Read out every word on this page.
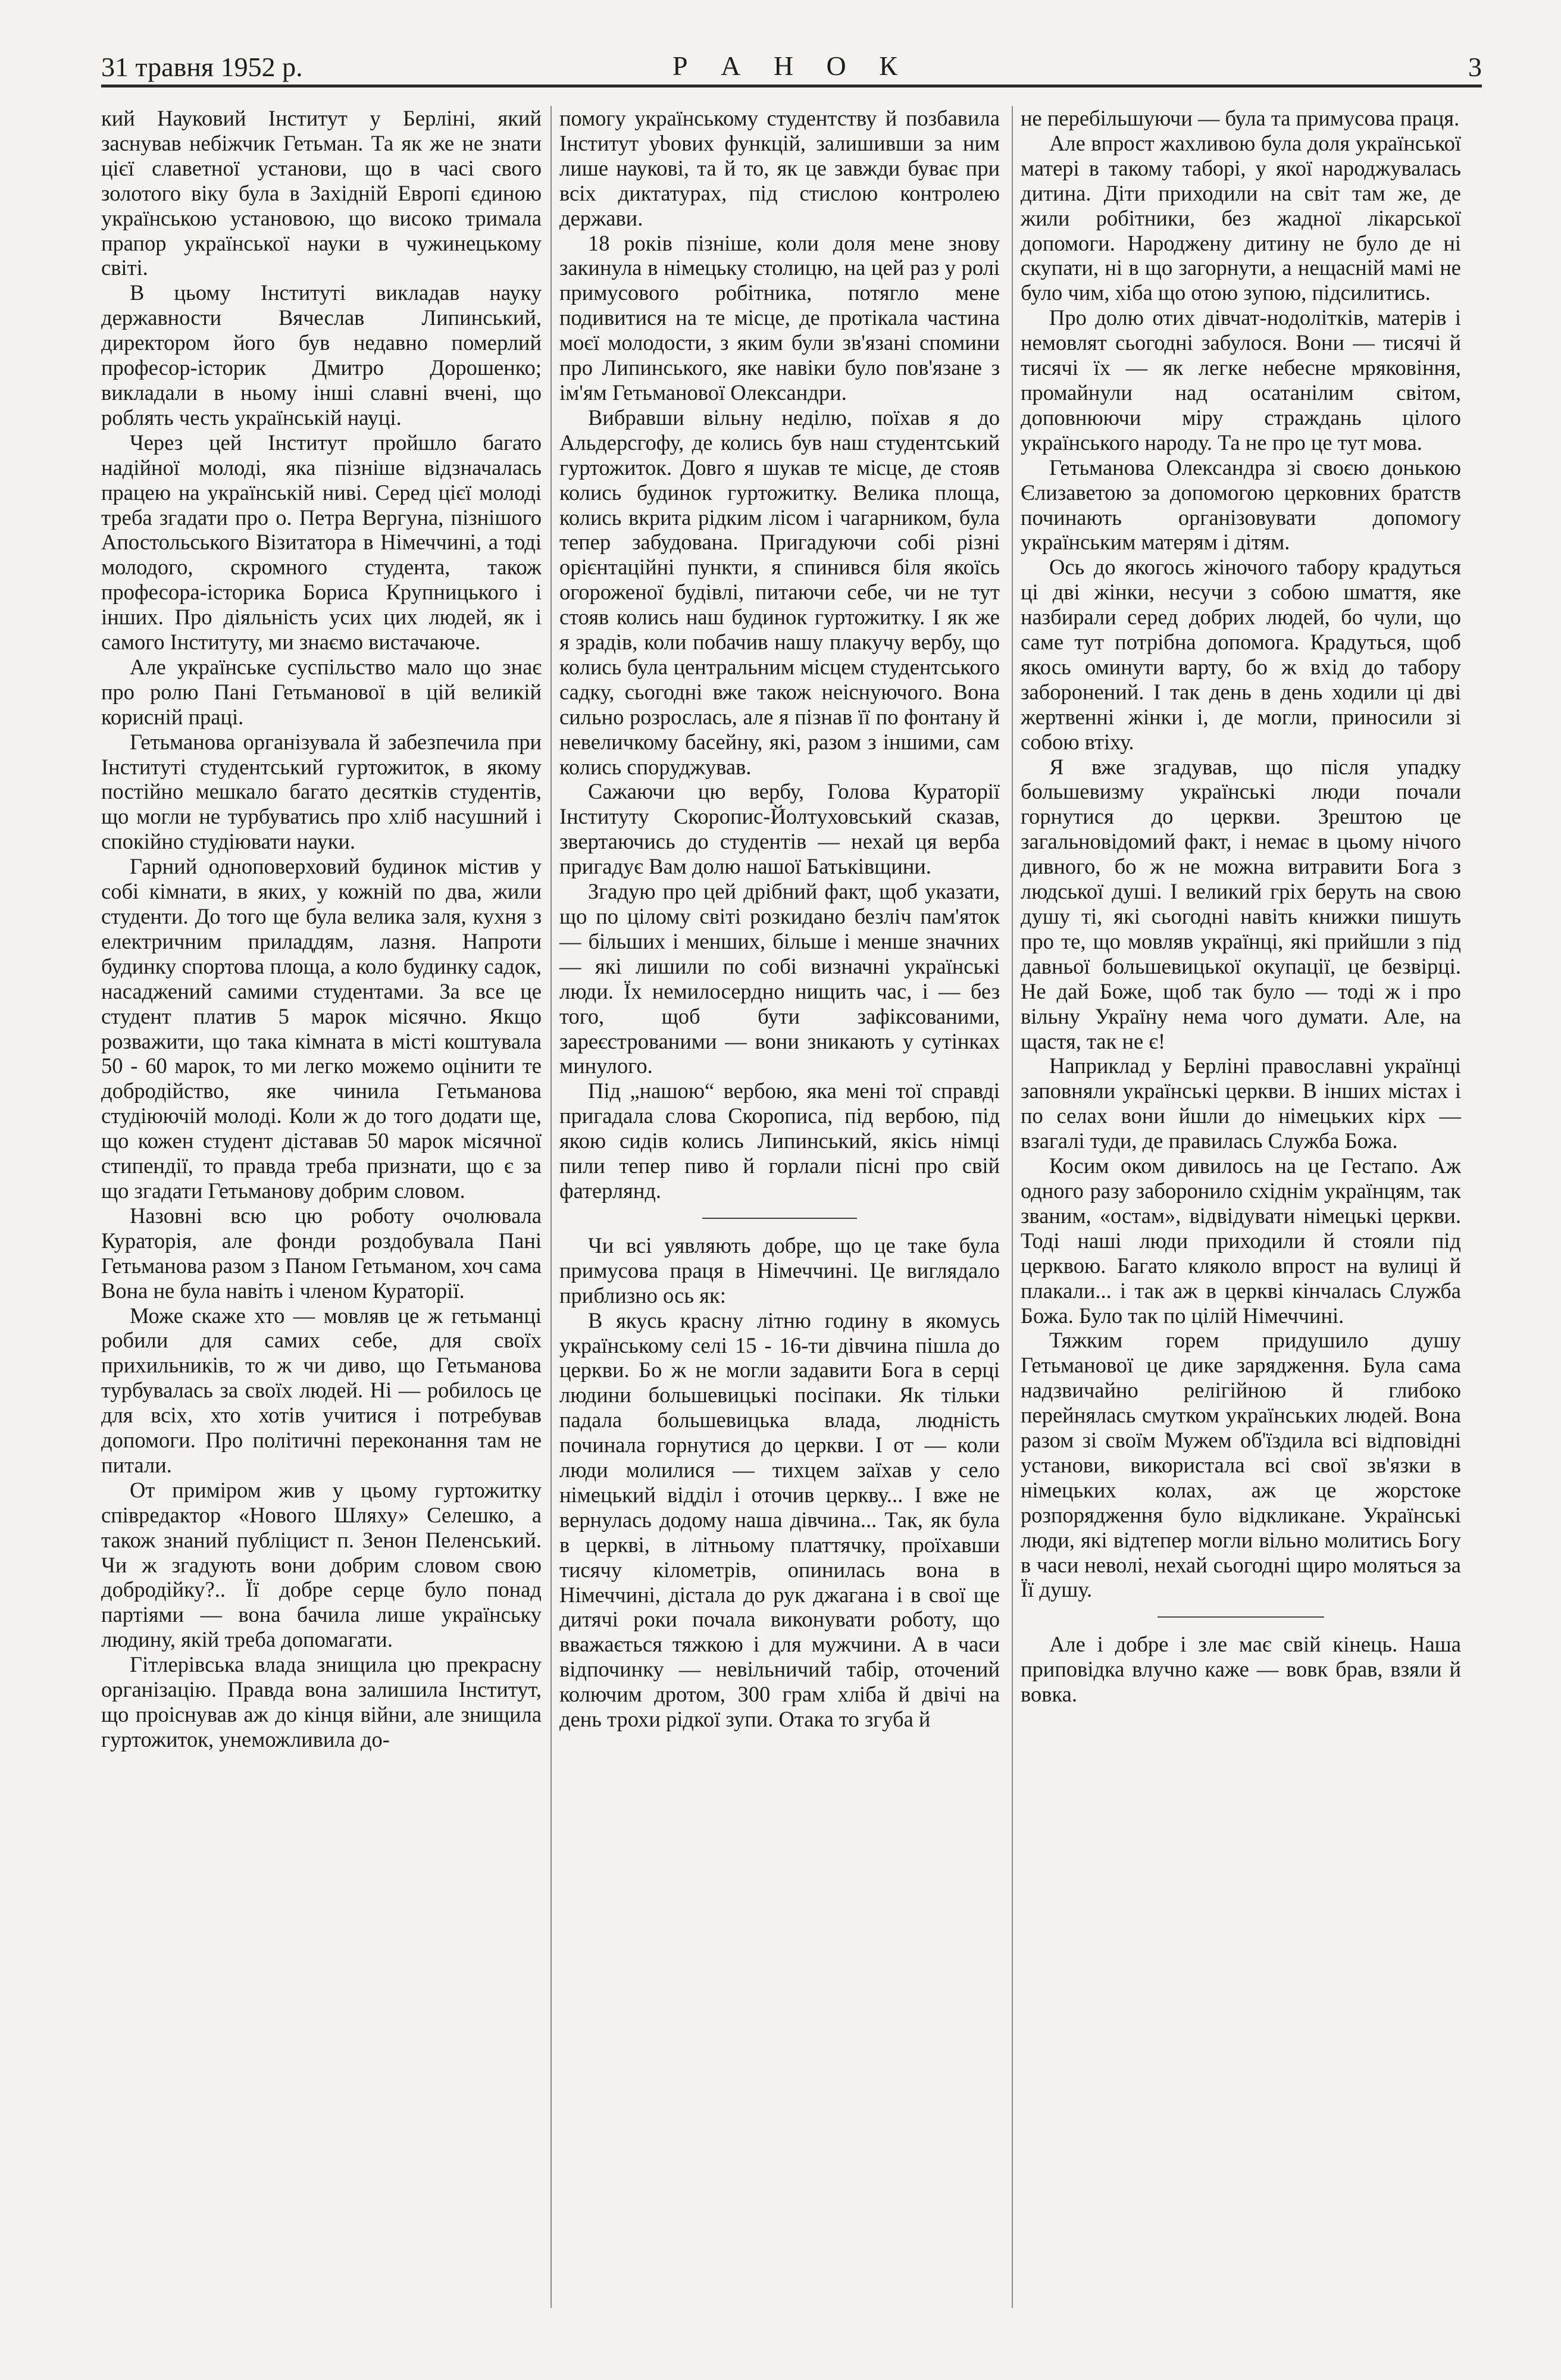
31 травня 1952 р.	Р А Н О К	3

кий Науковий Інститут у Берліні, який заснував небіжчик Гетьман. Та як же не знати цієї славетної установи, що в часі свого золотого віку була в Західній Европі єдиною українською установою, що високо тримала прапор української науки в чужинецькому світі.

В цьому Інституті викладав науку державности Вячеслав Липинський, директором його був недавно померлий професор-історик Дмитро Дорошенко; викладали в ньому інші славні вчені, що роблять честь українській науці.

Через цей Інститут пройшло багато надійної молоді, яка пізніше відзначалась працею на українській ниві. Серед цієї молоді треба згадати про о. Петра Вергуна, пізнішого Апостольського Візитатора в Німеччині, а тоді молодого, скромного студента, також професора-історика Бориса Крупницького і інших. Про діяльність усих цих людей, як і самого Інституту, ми знаємо вистачаюче.

Але українське суспільство мало що знає про ролю Пані Гетьманової в цій великій корисній праці.

Гетьманова організувала й забезпечила при Інституті студентський гуртожиток, в якому постійно мешкало багато десятків студентів, що могли не турбуватись про хліб насушний і спокійно студіювати науки.

Гарний одноповерховий будинок містив у собі кімнати, в яких, у кожній по два, жили студенти. До того ще була велика заля, кухня з електричним приладдям, лазня. Напроти будинку спортова площа, а коло будинку садок, насаджений самими студентами. За все це студент платив 5 марок місячно. Якщо розважити, що така кімната в місті коштувала 50 - 60 марок, то ми легко можемо оцінити те добродійство, яке чинила Гетьманова студіюючій молоді. Коли ж до того додати ще, що кожен студент діставав 50 марок місячної стипендії, то правда треба признати, що є за що згадати Гетьманову добрим словом.

Назовні всю цю роботу очолювала Кураторія, але фонди роздобувала Пані Гетьманова разом з Паном Гетьманом, хоч сама Вона не була навіть і членом Кураторії.

Може скаже хто — мовляв це ж гетьманці робили для самих себе, для своїх прихильників, то ж чи диво, що Гетьманова турбувалась за своїх людей. Ні — робилось це для всіх, хто хотів учитися і потребував допомоги. Про політичні переконання там не питали.

От приміром жив у цьому гуртожитку співредактор «Нового Шляху» Селешко, а також знаний публіцист п. Зенон Пеленський. Чи ж згадують вони добрим словом свою добродійку?.. Її добре серце було понад партіями — вона бачила лише українську людину, якій треба допомагати.

Гітлерівська влада знищила цю прекрасну організацію. Правда вона залишила Інститут, що проіснував аж до кінця війни, але знищила гуртожиток, унеможливила до-

помогу українському студентству й позбавила Інститут уbових функцій, залишивши за ним лише наукові, та й то, як це завжди буває при всіх диктатурах, під стислою контролею держави.

18 років пізніше, коли доля мене знову закинула в німецьку столицю, на цей раз у ролі примусового робітника, потягло мене подивитися на те місце, де протікала частина моєї молодости, з яким були зв'язані спомини про Липинського, яке навіки було пов'язане з ім'ям Гетьманової Олександри.

Вибравши вільну неділю, поїхав я до Альдерсгофу, де колись був наш студентський гуртожиток. Довго я шукав те місце, де стояв колись будинок гуртожитку. Велика площа, колись вкрита рідким лісом і чагарником, була тепер забудована. Пригадуючи собі різні орієнтаційні пункти, я спинився біля якоїсь огороженої будівлі, питаючи себе, чи не тут стояв колись наш будинок гуртожитку. І як же я зрадів, коли побачив нашу плакучу вербу, що колись була центральним місцем студентського садку, сьогодні вже також неіснуючого. Вона сильно розрослась, але я пізнав її по фонтану й невеличкому басейну, які, разом з іншими, сам колись споруджував.

Сажаючи цю вербу, Голова Кураторії Інституту Скоропис-Йолтуховський сказав, звертаючись до студентів — нехай ця верба пригадує Вам долю нашої Батьківщини.

Згадую про цей дрібний факт, щоб указати, що по цілому світі розкидано безліч пам'яток — більших і менших, більше і менше значних — які лишили по собі визначні українські люди. Їх немилосердно нищить час, і — без того, щоб бути зафіксованими, зареєстрованими — вони зникають у сутінках минулого.

Під „нашою“ вербою, яка мені тої справді пригадала слова Скорописа, під вербою, під якою сидів колись Липинський, якісь німці пили тепер пиво й горлали пісні про свій фатерлянд.

Чи всі уявляють добре, що це таке була примусова праця в Німеччині. Це виглядало приблизно ось як:

В якусь красну літню годину в якомусь українському селі 15 - 16-ти дівчина пішла до церкви. Бо ж не могли задавити Бога в серці людини большевицькі посіпаки. Як тільки падала большевицька влада, людність починала горнутися до церкви. І от — коли люди молилися — тихцем заїхав у село німецький відділ і оточив церкву... І вже не вернулась додому наша дівчина... Так, як була в церкві, в літньому платтячку, проїхавши тисячу кілометрів, опинилась вона в Німеччині, дістала до рук джагана і в свої ще дитячі роки почала виконувати роботу, що вважається тяжкою і для мужчини. А в часи відпочинку — невільничий табір, оточений колючим дротом, 300 грам хліба й двічі на день трохи рідкої зупи. Отака то згуба й

не перебільшуючи — була та примусова праця.

Але впрост жахливою була доля української матері в такому таборі, у якої народжувалась дитина. Діти приходили на світ там же, де жили робітники, без жадної лікарської допомоги. Народжену дитину не було де ні скупати, ні в що загорнути, а нещасній мамі не було чим, хіба що отою зупою, підсилитись.

Про долю отих дівчат-нодолітків, матерів і немовлят сьогодні забулося. Вони — тисячі й тисячі їх — як легке небесне мряковіння, промайнули над осатанілим світом, доповнюючи міру страждань цілого українського народу. Та не про це тут мова.

Гетьманова Олександра зі своєю донькою Єлизаветою за допомогою церковних братств починають організовувати допомогу українським матерям і дітям.

Ось до якогось жіночого табору крадуться ці дві жінки, несучи з собою шмаття, яке назбирали серед добрих людей, бо чули, що саме тут потрібна допомога. Крадуться, щоб якось оминути варту, бо ж вхід до табору заборонений. І так день в день ходили ці дві жертвенні жінки і, де могли, приносили зі собою втіху.

Я вже згадував, що після упадку большевизму українські люди почали горнутися до церкви. Зрештою це загальновідомий факт, і немає в цьому нічого дивного, бо ж не можна витравити Бога з людської душі. І великий гріх беруть на свою душу ті, які сьогодні навіть книжки пишуть про те, що мовляв українці, які прийшли з під давньої большевицької окупації, це безвірці. Не дай Боже, щоб так було — тоді ж і про вільну Україну нема чого думати. Але, на щастя, так не є!

Наприклад у Берліні православні українці заповняли українські церкви. В інших містах і по селах вони йшли до німецьких кірх — взагалі туди, де правилась Служба Божа.

Косим оком дивилось на це Гестапо. Аж одного разу заборонило східнім українцям, так званим, «остам», відвідувати німецькі церкви. Тоді наші люди приходили й стояли під церквою. Багато кляколо впрост на вулиці й плакали... і так аж в церкві кінчалась Служба Божа. Було так по цілій Німеччині.

Тяжким горем придушило душу Гетьманової це дике зарядження. Була сама надзвичайно релігійною й глибоко перейнялась смутком українських людей. Вона разом зі своїм Мужем об'їздила всі відповідні установи, використала всі свої зв'язки в німецьких колах, аж це жорстоке розпорядження було відкликане. Українські люди, які відтепер могли вільно молитись Богу в часи неволі, нехай сьогодні щиро моляться за Її душу.

Але і добре і зле має свій кінець. Наша приповідка влучно каже — вовк брав, взяли й вовка.
